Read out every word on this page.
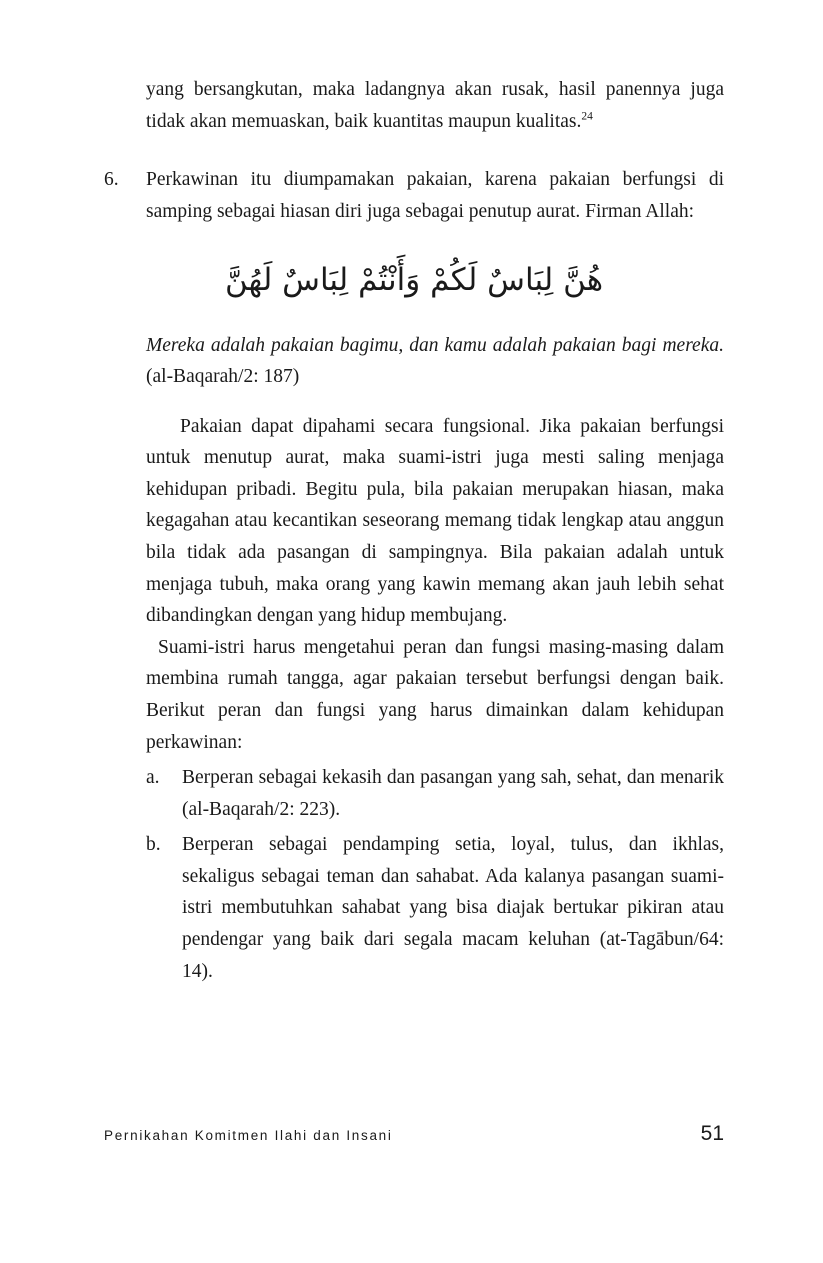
yang bersangkutan, maka ladangnya akan rusak, hasil panennya juga tidak akan memuaskan, baik kuantitas maupun kualitas.$^{24}$

6.	Perkawinan itu diumpamakan pakaian, karena pakaian berfungsi di samping sebagai hiasan diri juga sebagai penutup aurat. Firman Allah:

هُنَّ لِبَاسٌ لَكُمْ وَأَنْتُمْ لِبَاسٌ لَهُنَّ

Mereka adalah pakaian bagimu, dan kamu adalah pakaian bagi mereka. (al-Baqarah/2: 187)

Pakaian dapat dipahami secara fungsional. Jika pakaian berfungsi untuk menutup aurat, maka suami-istri juga mesti saling menjaga kehidupan pribadi. Begitu pula, bila pakaian merupakan hiasan, maka kegagahan atau kecantikan seseorang memang tidak lengkap atau anggun bila tidak ada pasangan di sampingnya. Bila pakaian adalah untuk menjaga tubuh, maka orang yang kawin memang akan jauh lebih sehat dibandingkan dengan yang hidup membujang.

Suami-istri harus mengetahui peran dan fungsi masing-masing dalam membina rumah tangga, agar pakaian tersebut berfungsi dengan baik. Berikut peran dan fungsi yang harus dimainkan dalam kehidupan perkawinan:

a.	Berperan sebagai kekasih dan pasangan yang sah, sehat, dan menarik (al-Baqarah/2: 223).

b.	Berperan sebagai pendamping setia, loyal, tulus, dan ikhlas, sekaligus sebagai teman dan sahabat. Ada kalanya pasangan suami-istri membutuhkan sahabat yang bisa diajak bertukar pikiran atau pendengar yang baik dari segala macam keluhan (at-Tagābun/64: 14).

Pernikahan Komitmen Ilahi dan Insani	51
